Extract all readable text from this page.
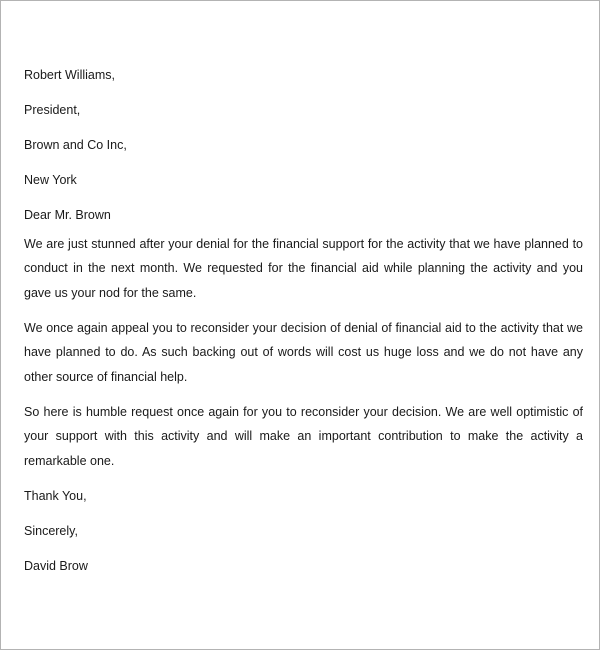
Robert Williams,
President,
Brown and Co Inc,
New York
Dear Mr. Brown

We are just stunned after your denial for the financial support for the activity that we have planned to conduct in the next month. We requested for the financial aid while planning the activity and you gave us your nod for the same.

We once again appeal you to reconsider your decision of denial of financial aid to the activity that we have planned to do. As such backing out of words will cost us huge loss and we do not have any other source of financial help.

So here is humble request once again for you to reconsider your decision. We are well optimistic of your support with this activity and will make an important contribution to make the activity a remarkable one.

Thank You,
Sincerely,
David Brow
